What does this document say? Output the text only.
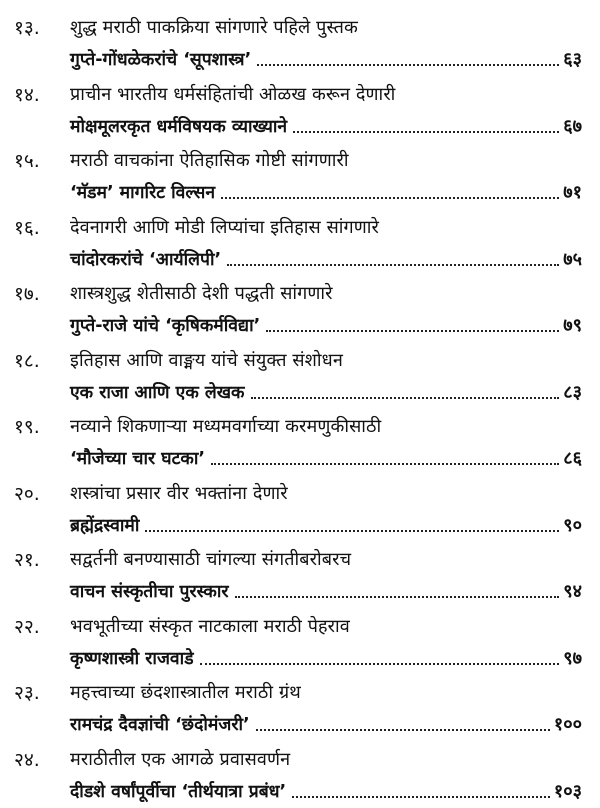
१३.	शुद्ध मराठी पाकक्रिया सांगणारे पहिले पुस्तक
गुप्ते-गोंधळेकरांचे ‘सूपशास्त्र’	६३
१४.	प्राचीन भारतीय धर्मसंहितांची ओळख करून देणारी
मोक्षमूलरकृत धर्मविषयक व्याख्याने	६७
१५.	मराठी वाचकांना ऐतिहासिक गोष्टी सांगणारी
‘मॅडम’ मागरिट विल्सन	७१
१६.	देवनागरी आणि मोडी लिप्यांचा इतिहास सांगणारे
चांदोरकरांचे ‘आर्यलिपी’	७५
१७.	शास्त्रशुद्ध शेतीसाठी देशी पद्धती सांगणारे
गुप्ते-राजे यांचे ‘कृषिकर्मविद्या’	७९
१८.	इतिहास आणि वाङ्मय यांचे संयुक्त संशोधन
एक राजा आणि एक लेखक	८३
१९.	नव्याने शिकणाऱ्या मध्यमवर्गाच्या करमणुकीसाठी
‘मौजेच्या चार घटका’	८६
२०.	शस्त्रांचा प्रसार वीर भक्तांना देणारे
ब्रह्मेंद्रस्वामी	९०
२१.	सद्वर्तनी बनण्यासाठी चांगल्या संगतीबरोबरच
वाचन संस्कृतीचा पुरस्कार	९४
२२.	भवभूतीच्या संस्कृत नाटकाला मराठी पेहराव
कृष्णशास्त्री राजवाडे	९७
२३.	महत्त्वाच्या छंदशास्त्रातील मराठी ग्रंथ
रामचंद्र दैवज्ञांची ‘छंदोमंजरी’	१००
२४.	मराठीतील एक आगळे प्रवासवर्णन
दीडशे वर्षांपूर्वीचा ‘तीर्थयात्रा प्रबंध’	१०३
